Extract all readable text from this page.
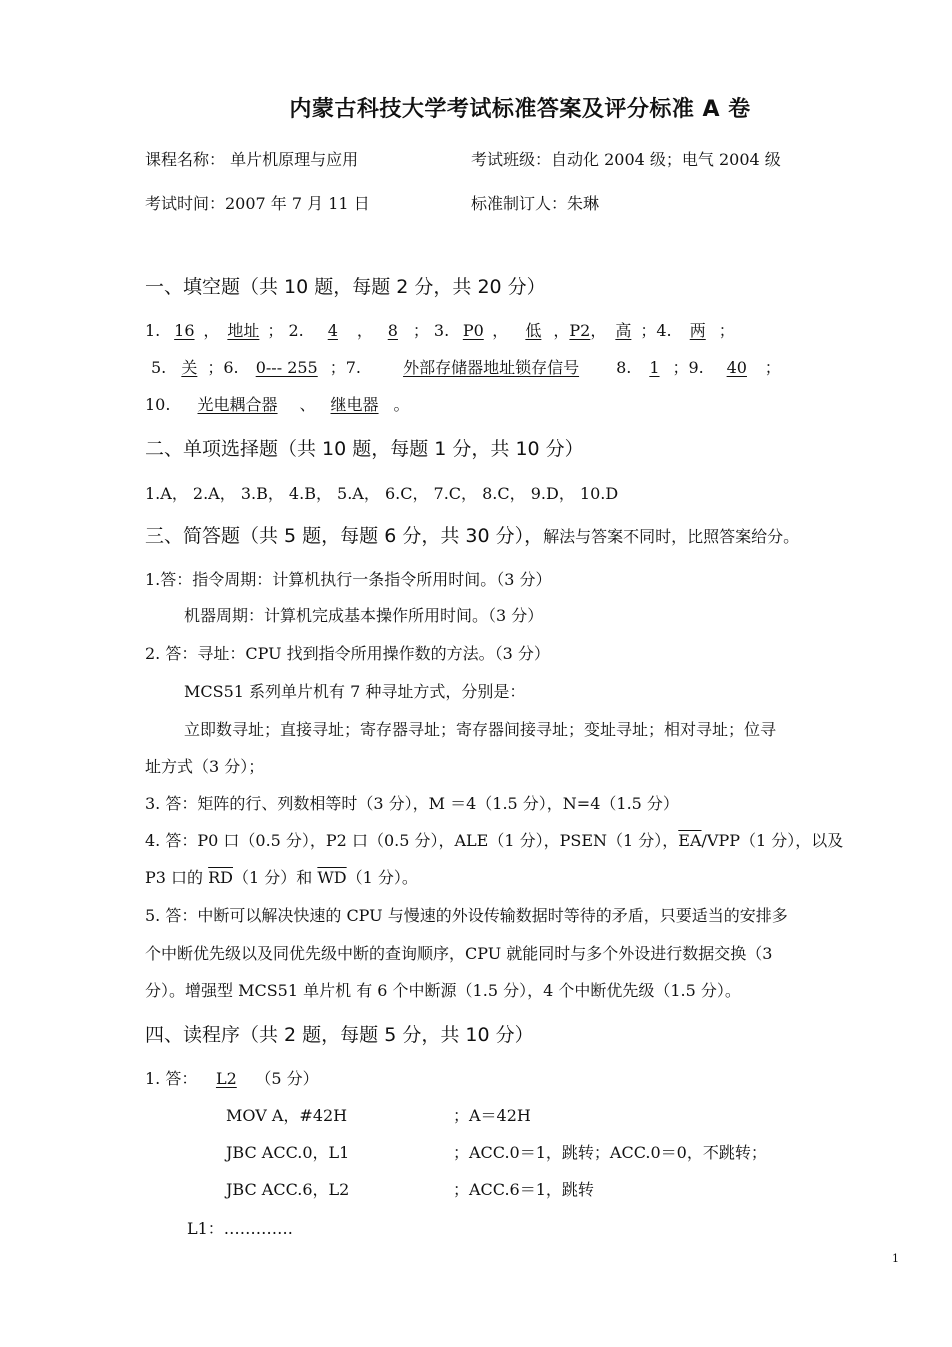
内蒙古科技大学考试标准答案及评分标准 A 卷
课程名称： 单片机原理与应用	考试班级：自动化 2004 级；电气 2004 级
考试时间：2007 年 7 月 11 日	标准制订人：朱琳
一、填空题（共 10 题，每题 2 分，共 20 分）
1. 16 ， 地址 ； 2. 4 ， 8 ； 3. P0 ， 低 ，P2， 高 ；4. 两 ；
5. 关 ；6. 0--- 255 ；7. 外部存储器地址锁存信号 8. 1 ；9. 40 ；
10. 光电耦合器 、 继电器 。
二、单项选择题（共 10 题，每题 1 分，共 10 分）
1.A， 2.A， 3.B， 4.B， 5.A， 6.C， 7.C， 8.C， 9.D， 10.D
三、简答题（共 5 题，每题 6 分，共 30 分），解法与答案不同时，比照答案给分。
1.答：指令周期：计算机执行一条指令所用时间。（3 分）
机器周期：计算机完成基本操作所用时间。（3 分）
2. 答：寻址：CPU 找到指令所用操作数的方法。（3 分）
MCS51 系列单片机有 7 种寻址方式，分别是：
立即数寻址；直接寻址；寄存器寻址；寄存器间接寻址；变址寻址；相对寻址；位寻
址方式（3 分）；
3. 答：矩阵的行、列数相等时（3 分），M ＝4（1.5 分），N=4（1.5 分）
4. 答：P0 口（0.5 分），P2 口（0.5 分），ALE（1 分），PSEN（1 分），$\overline{EA}/VPP(1$ 分），以及
P3 口的 $\overline{RD}(1$ 分）和 $\overline{WD}(1$ 分）。
5. 答：中断可以解决快速的 CPU 与慢速的外设传输数据时等待的矛盾，只要适当的安排多
个中断优先级以及同优先级中断的查询顺序，CPU 就能同时与多个外设进行数据交换（3
分）。增强型 MCS51 单片机 有 6 个中断源（1.5 分），4 个中断优先级（1.5 分）。
四、读程序（共 2 题，每题 5 分，共 10 分）
1. 答： L2 （5 分）
MOV A，#42H	；A＝42H
JBC ACC.0，L1	；ACC.0＝1，跳转；ACC.0＝0，不跳转；
JBC ACC.6，L2	；ACC.6＝1，跳转
L1：………….
1
